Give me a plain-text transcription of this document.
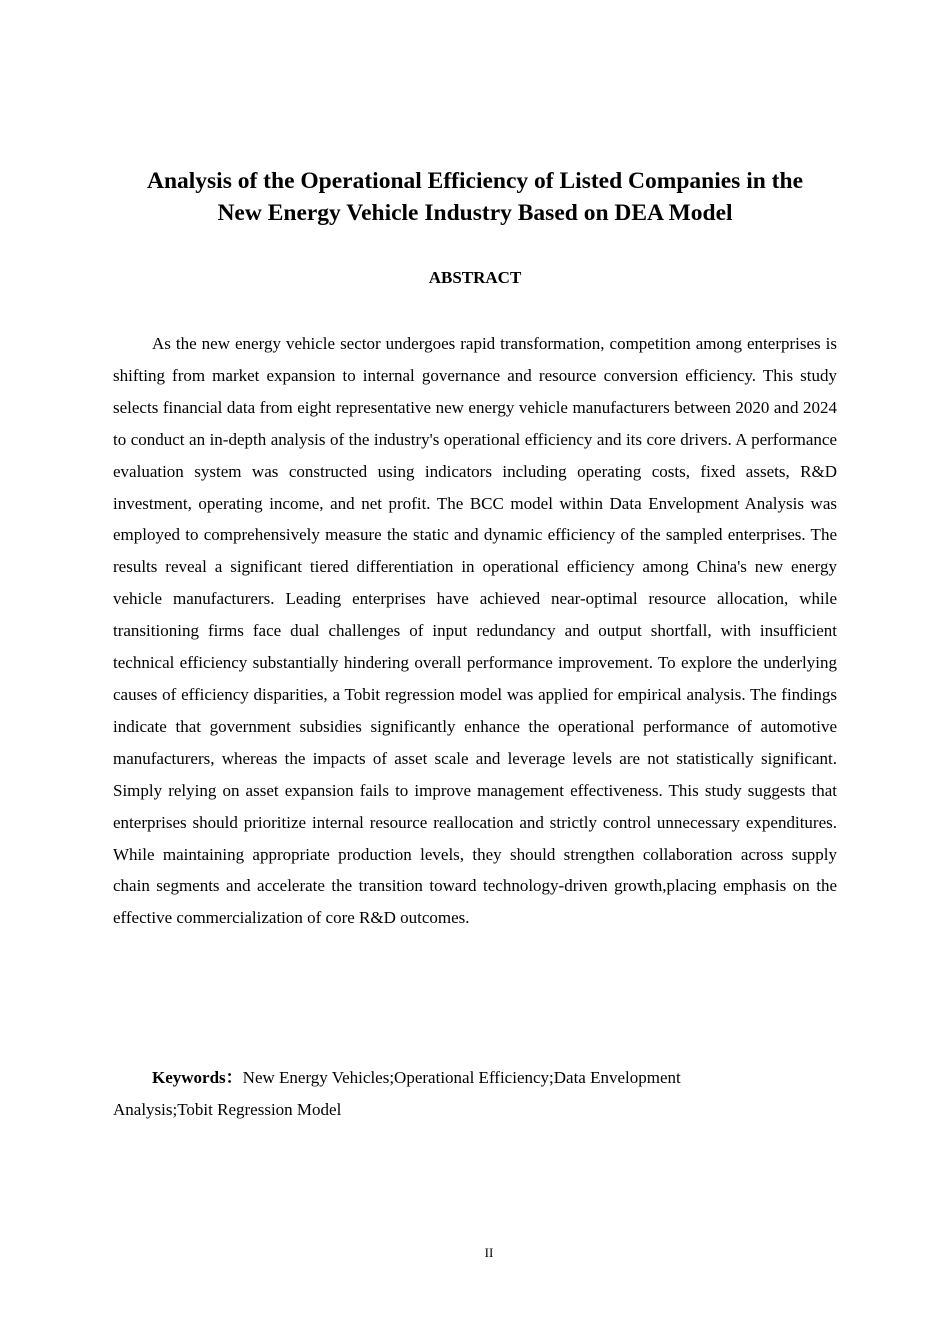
Analysis of the Operational Efficiency of Listed Companies in the
New Energy Vehicle Industry Based on DEA Model
ABSTRACT

As the new energy vehicle sector undergoes rapid transformation, competition among enterprises is shifting from market expansion to internal governance and resource conversion efficiency. This study selects financial data from eight representative new energy vehicle manufacturers between 2020 and 2024 to conduct an in-depth analysis of the industry's operational efficiency and its core drivers. A performance evaluation system was constructed using indicators including operating costs, fixed assets, R&D investment, operating income, and net profit. The BCC model within Data Envelopment Analysis was employed to comprehensively measure the static and dynamic efficiency of the sampled enterprises. The results reveal a significant tiered differentiation in operational efficiency among China's new energy vehicle manufacturers. Leading enterprises have achieved near-optimal resource allocation, while transitioning firms face dual challenges of input redundancy and output shortfall, with insufficient technical efficiency substantially hindering overall performance improvement. To explore the underlying causes of efficiency disparities, a Tobit regression model was applied for empirical analysis. The findings indicate that government subsidies significantly enhance the operational performance of automotive manufacturers, whereas the impacts of asset scale and leverage levels are not statistically significant. Simply relying on asset expansion fails to improve management effectiveness. This study suggests that enterprises should prioritize internal resource reallocation and strictly control unnecessary expenditures. While maintaining appropriate production levels, they should strengthen collaboration across supply chain segments and accelerate the transition toward technology-driven growth,placing emphasis on the effective commercialization of core R&D outcomes.

Keywords：New Energy Vehicles;Operational Efficiency;Data Envelopment
Analysis;Tobit Regression Model

II
